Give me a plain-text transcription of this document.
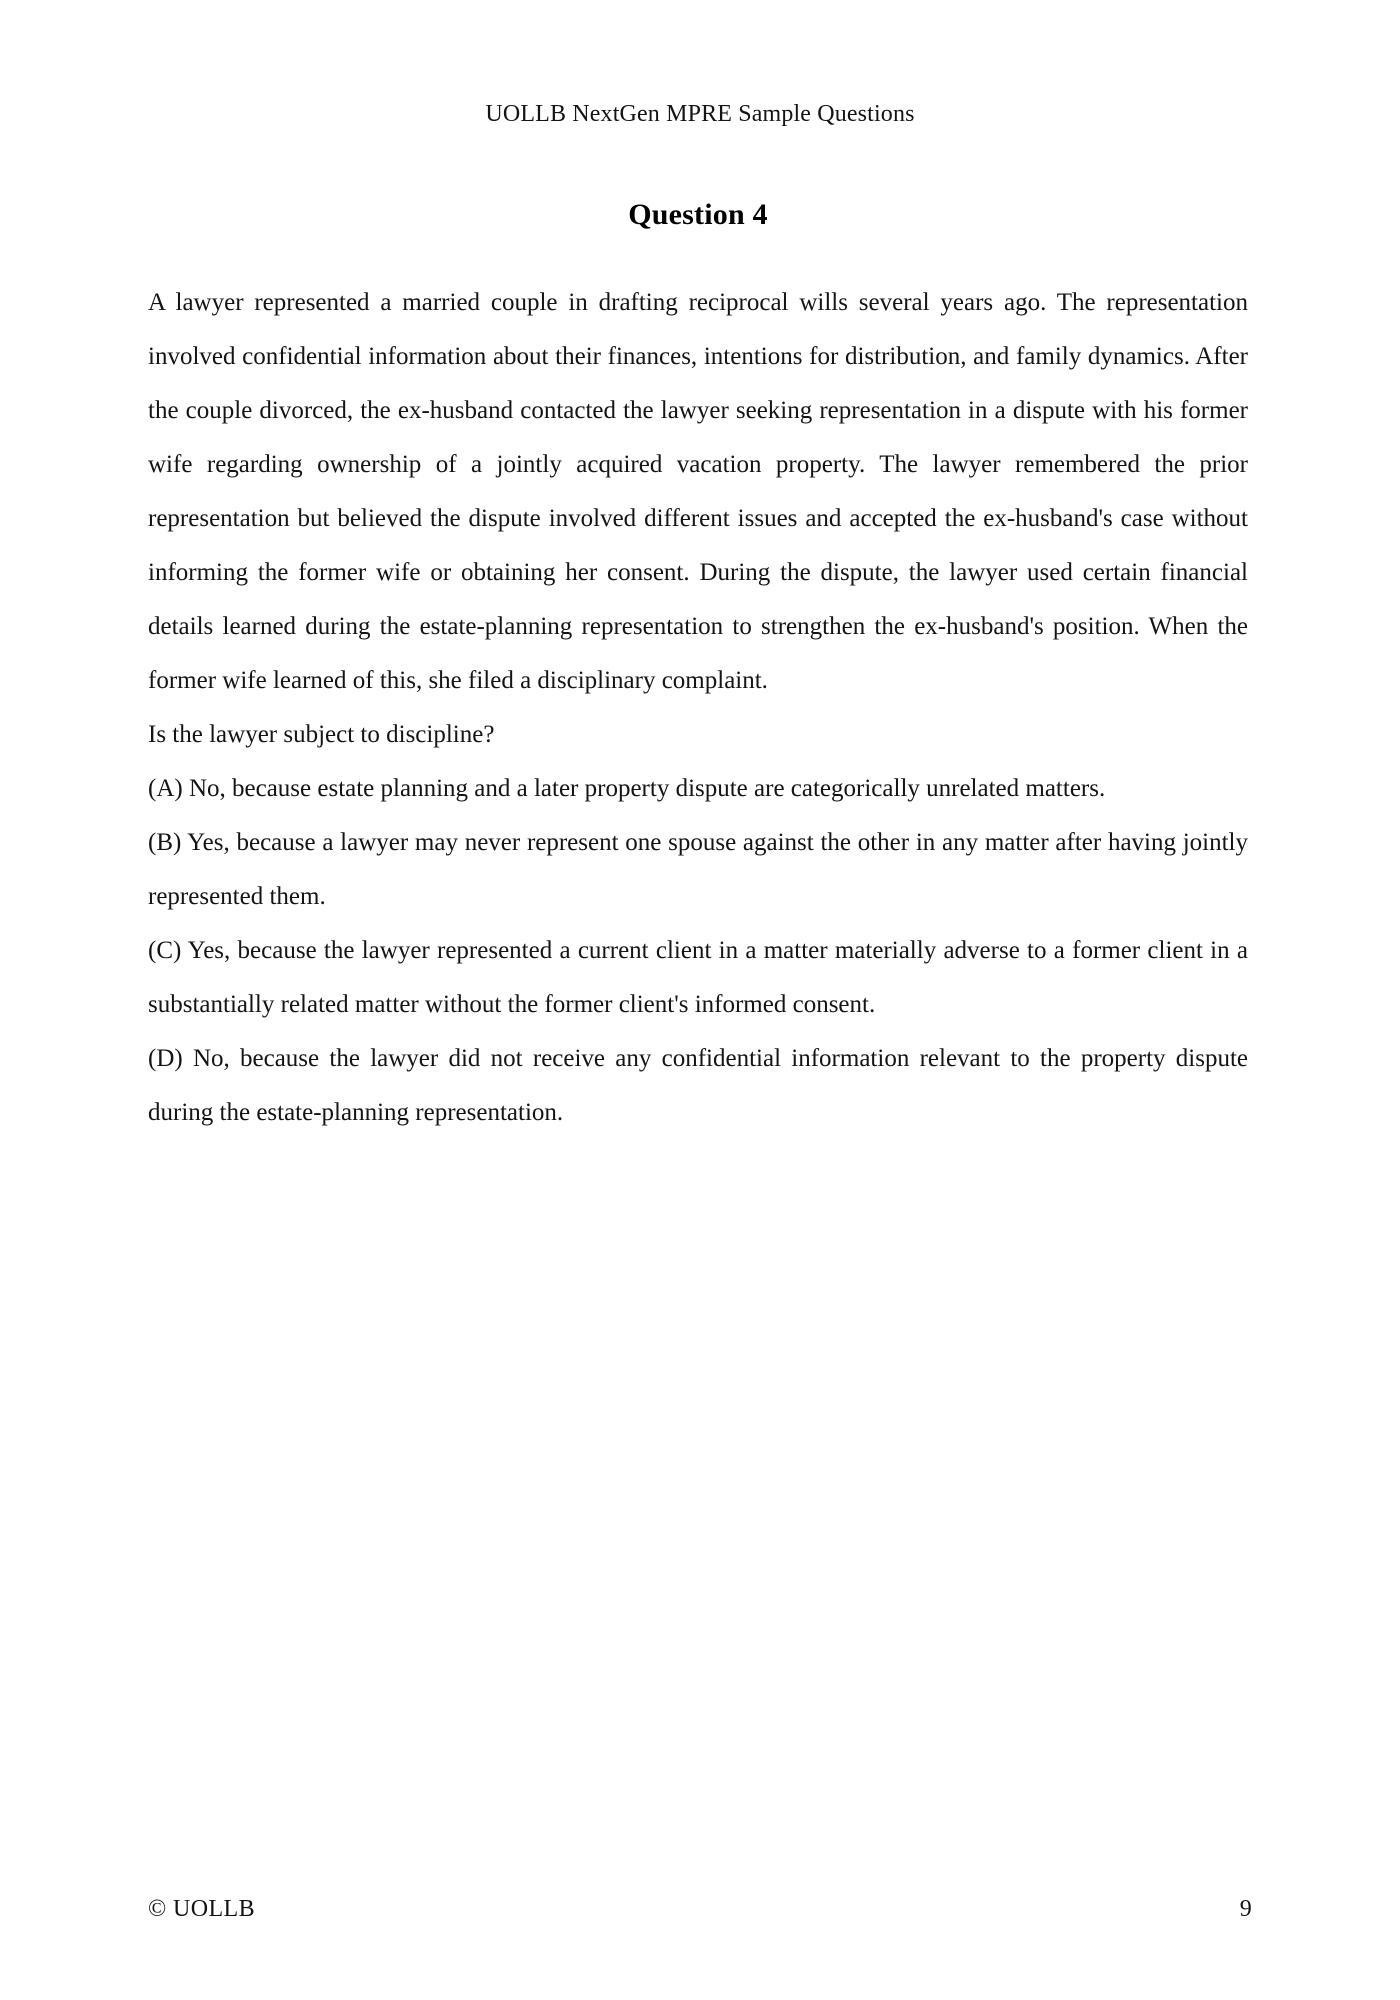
UOLLB NextGen MPRE Sample Questions
Question 4

A lawyer represented a married couple in drafting reciprocal wills several years ago. The representation involved confidential information about their finances, intentions for distribution, and family dynamics. After the couple divorced, the ex-husband contacted the lawyer seeking representation in a dispute with his former wife regarding ownership of a jointly acquired vacation property. The lawyer remembered the prior representation but believed the dispute involved different issues and accepted the ex-husband's case without informing the former wife or obtaining her consent. During the dispute, the lawyer used certain financial details learned during the estate-planning representation to strengthen the ex-husband's position. When the former wife learned of this, she filed a disciplinary complaint.

Is the lawyer subject to discipline?

(A) No, because estate planning and a later property dispute are categorically unrelated matters.

(B) Yes, because a lawyer may never represent one spouse against the other in any matter after having jointly represented them.

(C) Yes, because the lawyer represented a current client in a matter materially adverse to a former client in a substantially related matter without the former client's informed consent.

(D) No, because the lawyer did not receive any confidential information relevant to the property dispute during the estate-planning representation.

© UOLLB	9
